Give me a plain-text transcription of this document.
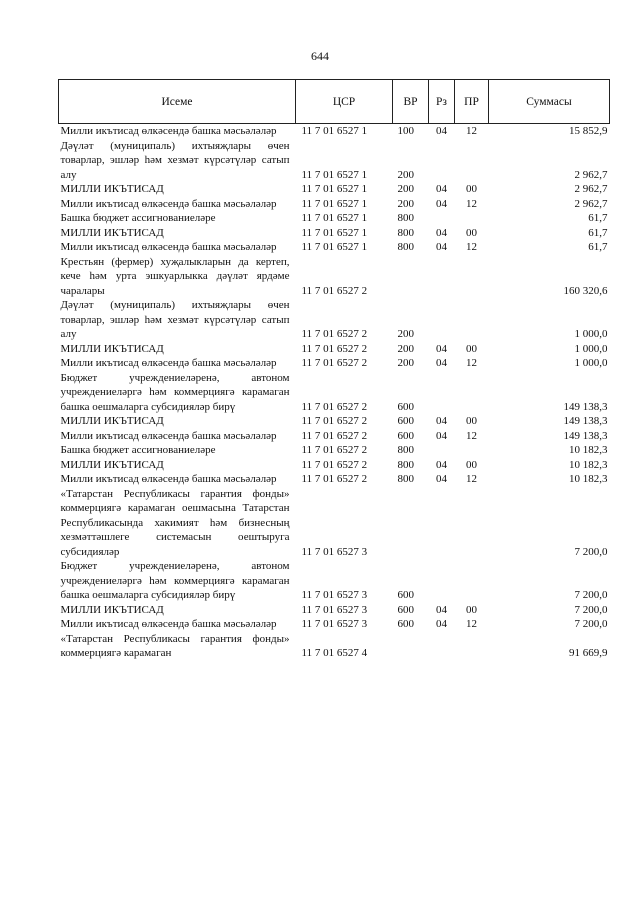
644
Исеме	ЦСР	ВР	Рз	ПР	Суммасы
Милли икътисад өлкәсендә башка мәсьәләләр	11 7 01 6527 1	100	04	12	15 852,9
Дәүләт (муниципаль) ихтыяҗлары өчен товарлар, эшләр һәм хезмәт күрсәтүләр сатып алу	11 7 01 6527 1	200			2 962,7
МИЛЛИ ИКЪТИСАД	11 7 01 6527 1	200	04	00	2 962,7
Милли икътисад өлкәсендә башка мәсьәләләр	11 7 01 6527 1	200	04	12	2 962,7
Башка бюджет ассигнованиеләре	11 7 01 6527 1	800			61,7
МИЛЛИ ИКЪТИСАД	11 7 01 6527 1	800	04	00	61,7
Милли икътисад өлкәсендә башка мәсьәләләр	11 7 01 6527 1	800	04	12	61,7
Крестьян (фермер) хуҗалыкларын да кертеп, кече һәм урта эшкуарлыкка дәүләт ярдәме чаралары	11 7 01 6527 2				160 320,6
Дәүләт (муниципаль) ихтыяҗлары өчен товарлар, эшләр һәм хезмәт күрсәтүләр сатып алу	11 7 01 6527 2	200			1 000,0
МИЛЛИ ИКЪТИСАД	11 7 01 6527 2	200	04	00	1 000,0
Милли икътисад өлкәсендә башка мәсьәләләр	11 7 01 6527 2	200	04	12	1 000,0
Бюджет учреждениеләренә, автоном учреждениеләргә һәм коммерциягә карамаган башка оешмаларга субсидияләр бирү	11 7 01 6527 2	600			149 138,3
МИЛЛИ ИКЪТИСАД	11 7 01 6527 2	600	04	00	149 138,3
Милли икътисад өлкәсендә башка мәсьәләләр	11 7 01 6527 2	600	04	12	149 138,3
Башка бюджет ассигнованиеләре	11 7 01 6527 2	800			10 182,3
МИЛЛИ ИКЪТИСАД	11 7 01 6527 2	800	04	00	10 182,3
Милли икътисад өлкәсендә башка мәсьәләләр	11 7 01 6527 2	800	04	12	10 182,3
«Татарстан Республикасы гарантия фонды» коммерциягә карамаган оешмасына Татарстан Республикасында хакимият һәм бизнесның хезмәттәшлеге системасын оештыруга субсидияләр	11 7 01 6527 3				7 200,0
Бюджет учреждениеләренә, автоном учреждениеләргә һәм коммерциягә карамаган башка оешмаларга субсидияләр бирү	11 7 01 6527 3	600			7 200,0
МИЛЛИ ИКЪТИСАД	11 7 01 6527 3	600	04	00	7 200,0
Милли икътисад өлкәсендә башка мәсьәләләр	11 7 01 6527 3	600	04	12	7 200,0
«Татарстан Республикасы гарантия фонды» коммерциягә карамаган	11 7 01 6527 4				91 669,9
